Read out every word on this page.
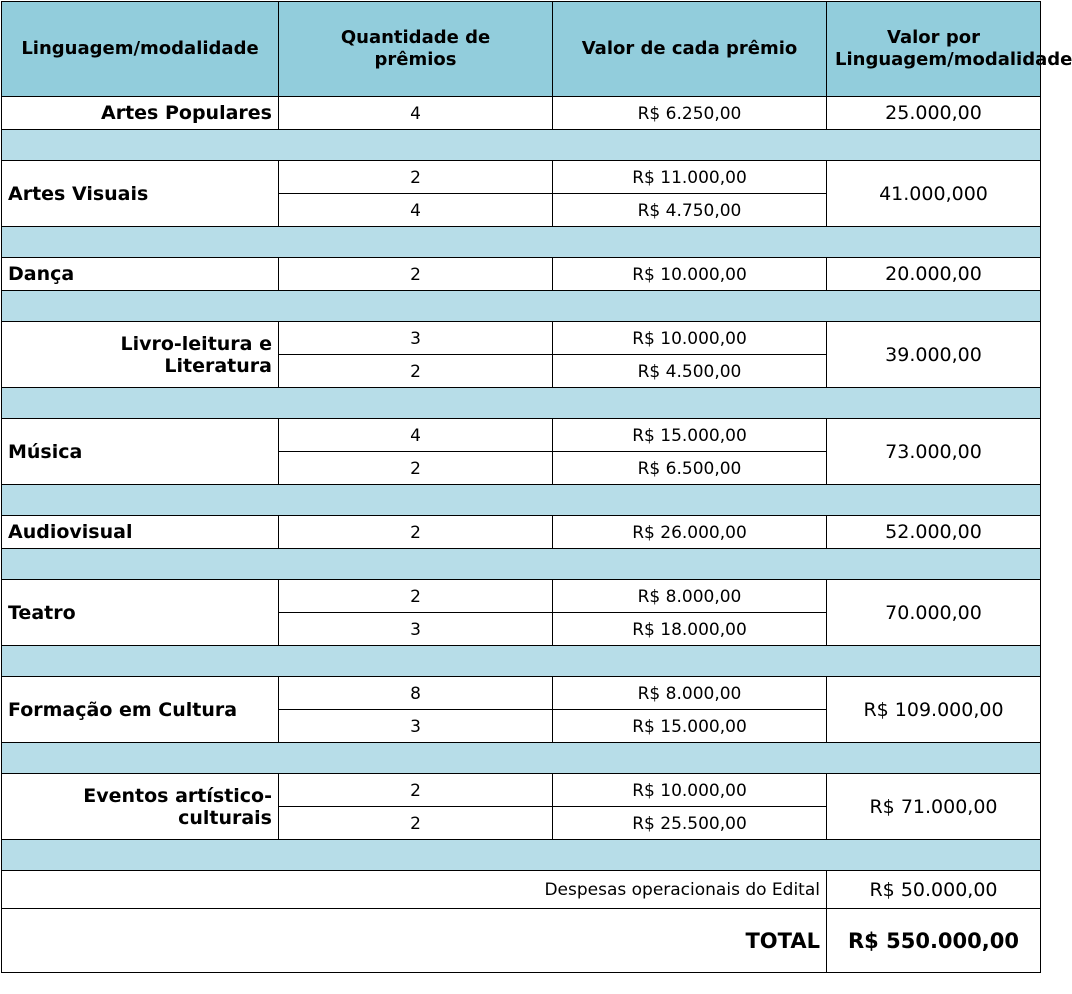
Linguagem/modalidade	Quantidade de prêmios	Valor de cada prêmio	Valor por Linguagem/modalidade
Artes Populares	4	R$ 6.250,00	25.000,00

Artes Visuais	2	R$ 11.000,00	41.000,000
	4	R$ 4.750,00	

Dança	2	R$ 10.000,00	20.000,00

Livro-leitura e Literatura	3	R$ 10.000,00	39.000,00
	2	R$ 4.500,00	

Música	4	R$ 15.000,00	73.000,00
	2	R$ 6.500,00	

Audiovisual	2	R$ 26.000,00	52.000,00

Teatro	2	R$ 8.000,00	70.000,00
	3	R$ 18.000,00	

Formação em Cultura	8	R$ 8.000,00	R$ 109.000,00
	3	R$ 15.000,00	

Eventos artístico-culturais	2	R$ 10.000,00	R$ 71.000,00
	2	R$ 25.500,00	

Despesas operacionais do Edital			R$ 50.000,00
TOTAL			R$ 550.000,00
